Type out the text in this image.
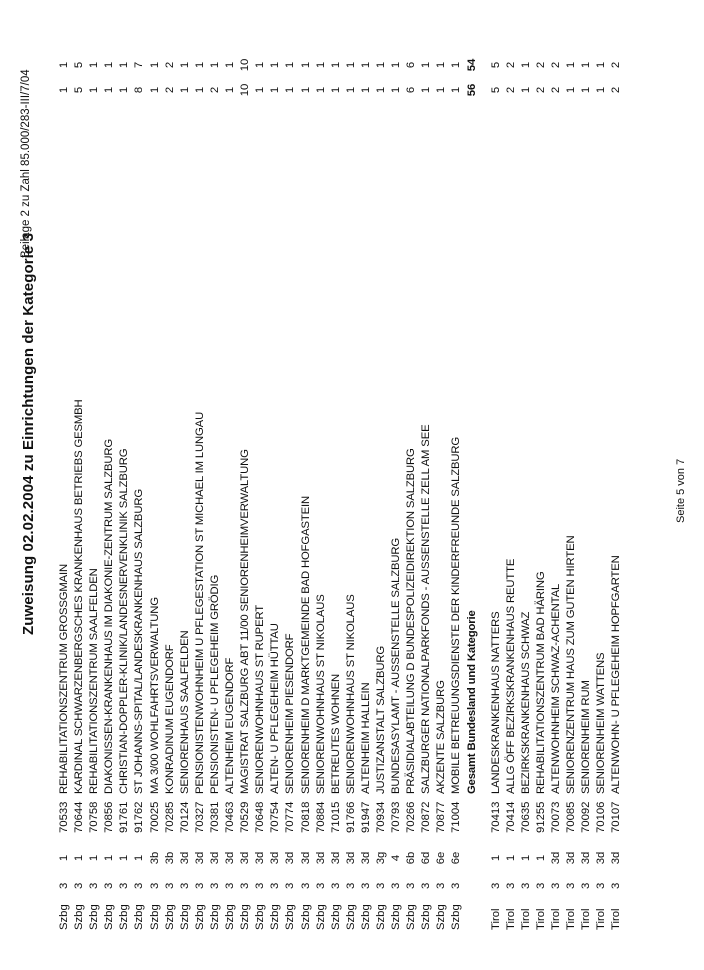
Zuweisung 02.02.2004 zu Einrichtungen der Kategorie 3
Beilage 2 zu Zahl 85.000/283-III/7/04
Szbg
3
1
70533
REHABILITATIONSZENTRUM GROSSGMAIN
1
1
Szbg
3
1
70644
KARDINAL SCHWARZENBERGSCHES KRANKENHAUS BETRIEBS GESMBH
5
5
Szbg
3
1
70758
REHABILITATIONSZENTRUM SAALFELDEN
1
1
Szbg
3
1
70856
DIAKONISSEN-KRANKENHAUS IM DIAKONIE-ZENTRUM SALZBURG
1
1
Szbg
3
1
91761
CHRISTIAN-DOPPLER-KLINIK/LANDESNERVENKLINIK SALZBURG
1
1
Szbg
3
1
91762
ST JOHANNS-SPITAL/LANDESKRANKENHAUS SALZBURG
8
7
Szbg
3
3b
70025
MA 3/00 WOHLFAHRTSVERWALTUNG
1
1
Szbg
3
3b
70285
KONRADINUM EUGENDORF
2
2
Szbg
3
3d
70124
SENIORENHAUS SAALFELDEN
1
1
Szbg
3
3d
70327
PENSIONISTENWOHNHEIM U PFLEGESTATION ST MICHAEL IM LUNGAU
1
1
Szbg
3
3d
70381
PENSIONISTEN- U PFLEGEHEIM GRÖDIG
2
1
Szbg
3
3d
70463
ALTENHEIM EUGENDORF
1
1
Szbg
3
3d
70529
MAGISTRAT SALZBURG ABT 11/00 SENIORENHEIMVERWALTUNG
10
10
Szbg
3
3d
70648
SENIORENWOHNHAUS ST RUPERT
1
1
Szbg
3
3d
70754
ALTEN- U PFLEGEHEIM HÜTTAU
1
1
Szbg
3
3d
70774
SENIORENHEIM PIESENDORF
1
1
Szbg
3
3d
70818
SENIORENHEIM D MARKTGEMEINDE BAD HOFGASTEIN
1
1
Szbg
3
3d
70884
SENIORENWOHNHAUS ST NIKOLAUS
1
1
Szbg
3
3d
71015
BETREUTES WOHNEN
1
1
Szbg
3
3d
91766
SENIORENWOHNHAUS ST NIKOLAUS
1
1
Szbg
3
3d
91947
ALTENHEIM HALLEIN
1
1
Szbg
3
3g
70934
JUSTIZANSTALT SALZBURG
1
1
Szbg
3
4
70793
BUNDESASYLAMT - AUSSENSTELLE SALZBURG
1
1
Szbg
3
6b
70266
PRÄSIDIALABTEILUNG D BUNDESPOLIZEIDIREKTION SALZBURG
6
6
Szbg
3
6d
70872
SALZBURGER NATIONALPARKFONDS - AUSSENSTELLE ZELL AM SEE
1
1
Szbg
3
6e
70877
AKZENTE SALZBURG
1
1
Szbg
3
6e
71004
MOBILE BETREUUNGSDIENSTE DER KINDERFREUNDE SALZBURG
1
1
Gesamt Bundesland und Kategorie
56
54
Tirol
3
1
70413
LANDESKRANKENHAUS NATTERS
5
5
Tirol
3
1
70414
ALLG ÖFF BEZIRKSKRANKENHAUS REUTTE
2
2
Tirol
3
1
70635
BEZIRKSKRANKENHAUS SCHWAZ
1
1
Tirol
3
1
91255
REHABILITATIONSZENTRUM BAD HÄRING
2
2
Tirol
3
3d
70073
ALTENWOHNHEIM SCHWAZ-ACHENTAL
2
2
Tirol
3
3d
70085
SENIORENZENTRUM HAUS ZUM GUTEN HIRTEN
1
1
Tirol
3
3d
70092
SENIORENHEIM RUM
1
1
Tirol
3
3d
70106
SENIORENHEIM WATTENS
1
1
Tirol
3
3d
70107
ALTENWOHN- U PFLEGEHEIM HOPFGARTEN
2
2
Seite 5 von 7
